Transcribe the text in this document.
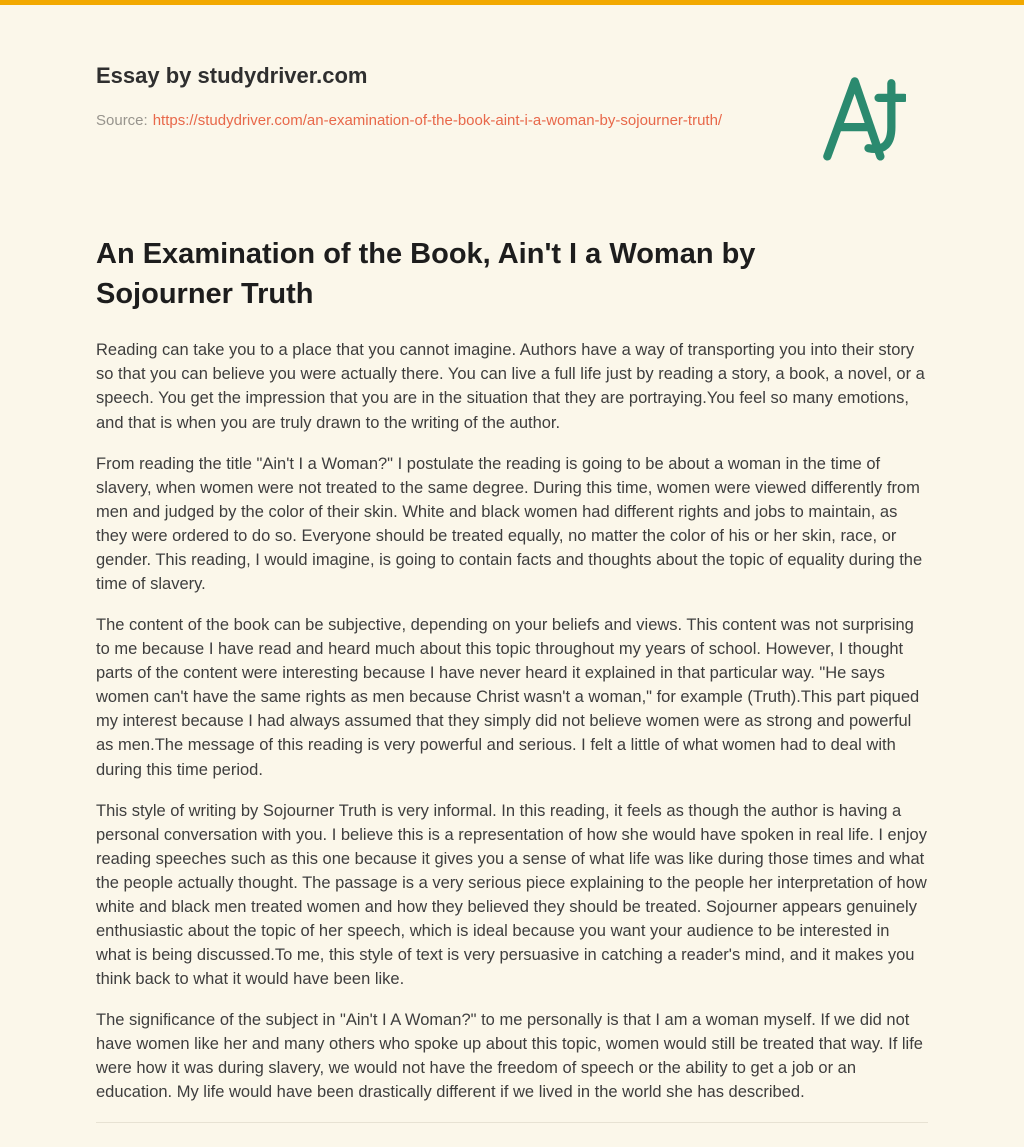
Essay by studydriver.com

Source: https://studydriver.com/an-examination-of-the-book-aint-i-a-woman-by-sojourner-truth/

An Examination of the Book, Ain't I a Woman by Sojourner Truth

Reading can take you to a place that you cannot imagine. Authors have a way of transporting you into their story so that you can believe you were actually there. You can live a full life just by reading a story, a book, a novel, or a speech. You get the impression that you are in the situation that they are portraying.You feel so many emotions, and that is when you are truly drawn to the writing of the author.

From reading the title "Ain't I a Woman?" I postulate the reading is going to be about a woman in the time of slavery, when women were not treated to the same degree. During this time, women were viewed differently from men and judged by the color of their skin. White and black women had different rights and jobs to maintain, as they were ordered to do so. Everyone should be treated equally, no matter the color of his or her skin, race, or gender. This reading, I would imagine, is going to contain facts and thoughts about the topic of equality during the time of slavery.

The content of the book can be subjective, depending on your beliefs and views. This content was not surprising to me because I have read and heard much about this topic throughout my years of school. However, I thought parts of the content were interesting because I have never heard it explained in that particular way. "He says women can't have the same rights as men because Christ wasn't a woman," for example (Truth).This part piqued my interest because I had always assumed that they simply did not believe women were as strong and powerful as men.The message of this reading is very powerful and serious. I felt a little of what women had to deal with during this time period.

This style of writing by Sojourner Truth is very informal. In this reading, it feels as though the author is having a personal conversation with you. I believe this is a representation of how she would have spoken in real life. I enjoy reading speeches such as this one because it gives you a sense of what life was like during those times and what the people actually thought. The passage is a very serious piece explaining to the people her interpretation of how white and black men treated women and how they believed they should be treated. Sojourner appears genuinely enthusiastic about the topic of her speech, which is ideal because you want your audience to be interested in what is being discussed.To me, this style of text is very persuasive in catching a reader's mind, and it makes you think back to what it would have been like.

The significance of the subject in "Ain't I A Woman?" to me personally is that I am a woman myself. If we did not have women like her and many others who spoke up about this topic, women would still be treated that way. If life were how it was during slavery, we would not have the freedom of speech or the ability to get a job or an education. My life would have been drastically different if we lived in the world she has described.
